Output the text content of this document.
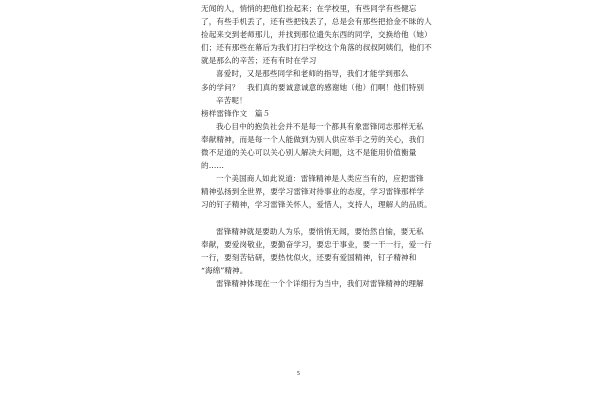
无闻的人，悄悄的把他们捡起来；在学校里，有些同学有些健忘
了，有些手机丢了，还有些把钱丢了，总是会有那些把拾金不昧的人
捡起来交到老师那儿，并找到那位遗失东西的同学，交换给他（她）
们；还有那些在幕后为我们打扫学校这个角落的叔叔阿姨们，他们不
就是那么的辛苦；还有有时在学习
喜爱时，又是那些同学和老师的指导，我们才能学到那么
多的学问？　我们真的要诚意诚意的感谢她（他）们啊！他们特别
辛苦呢！
榜样雷锋作文　篇５
我心目中的抱负社会并不是每一个都具有象雷锋同志那样无私
奉献精神，而是每一个人能做到为别人供应举手之劳的关心，我们
微不足道的关心可以关心别人解决大问题，这不是能用价值衡量
的……
一个美国商人如此说道：雷锋精神是人类应当有的，应把雷锋
精神弘扬到全世界，要学习雷锋对待事业的态度，学习雷锋那样学
习的钉子精神，学习雷锋关怀人，爱惜人，支持人，理解人的品质。
雷锋精神就是要助人为乐，要悄悄无闻，要怡然自愉，要无私
奉献，要爱岗敬业，要勤奋学习，要忠于事业，要一干一行，爱一行
一行，要刻苦钻研，要热忱似火，还要有爱国精神，钉子精神和
“海绵”精神。
雷锋精神体现在一个个详细行为当中，我们对雷锋精神的理解
5
